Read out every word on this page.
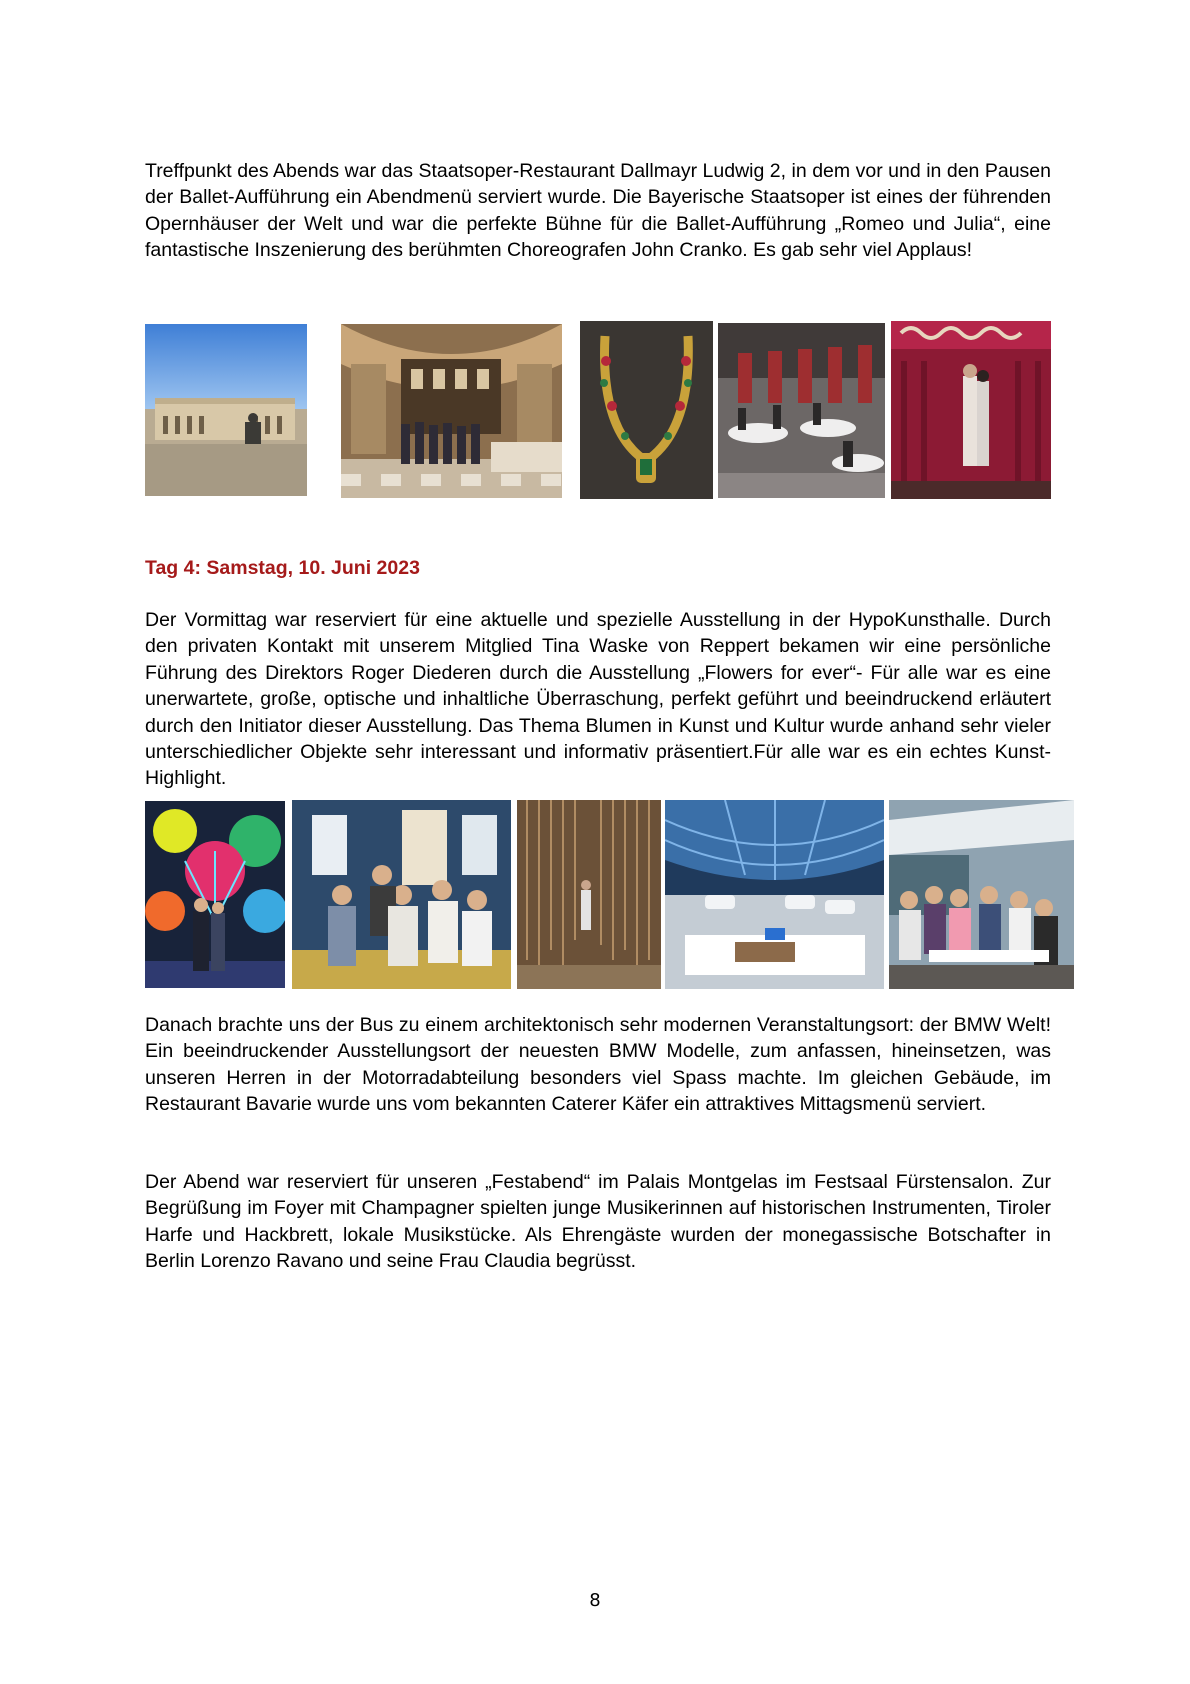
Treffpunkt des Abends war das Staatsoper-Restaurant Dallmayr Ludwig 2, in dem vor und in den Pausen der Ballet-Aufführung ein Abendmenü serviert wurde. Die Bayerische Staatsoper ist eines der führenden Opernhäuser der Welt und war die perfekte Bühne für die Ballet-Aufführung „Romeo und Julia“, eine fantastische Inszenierung des berühmten Choreografen John Cranko. Es gab sehr viel Applaus!

Tag 4: Samstag, 10. Juni 2023

Der Vormittag war reserviert für eine aktuelle und spezielle Ausstellung in der HypoKunsthalle. Durch den privaten Kontakt mit unserem Mitglied Tina Waske von Reppert bekamen wir eine persönliche Führung des Direktors Roger Diederen durch die Ausstellung „Flowers for ever“- Für alle war es eine unerwartete, große, optische und inhaltliche Überraschung, perfekt geführt und beeindruckend erläutert durch den Initiator dieser Ausstellung. Das Thema Blumen in Kunst und Kultur wurde anhand sehr vieler unterschiedlicher Objekte sehr interessant und informativ präsentiert.Für alle war es ein echtes Kunst-Highlight.

Danach brachte uns der Bus zu einem architektonisch sehr modernen Veranstaltungsort: der BMW Welt! Ein beeindruckender Ausstellungsort der neuesten BMW Modelle, zum anfassen, hineinsetzen, was unseren Herren in der Motorradabteilung besonders viel Spass machte. Im gleichen Gebäude, im Restaurant Bavarie wurde uns vom bekannten Caterer Käfer ein attraktives Mittagsmenü serviert.

Der Abend war reserviert für unseren „Festabend“ im Palais Montgelas im Festsaal Fürstensalon. Zur Begrüßung im Foyer mit Champagner spielten junge Musikerinnen auf historischen Instrumenten, Tiroler Harfe und Hackbrett, lokale Musikstücke. Als Ehrengäste wurden der monegassische Botschafter in Berlin Lorenzo Ravano und seine Frau Claudia begrüsst.

8
